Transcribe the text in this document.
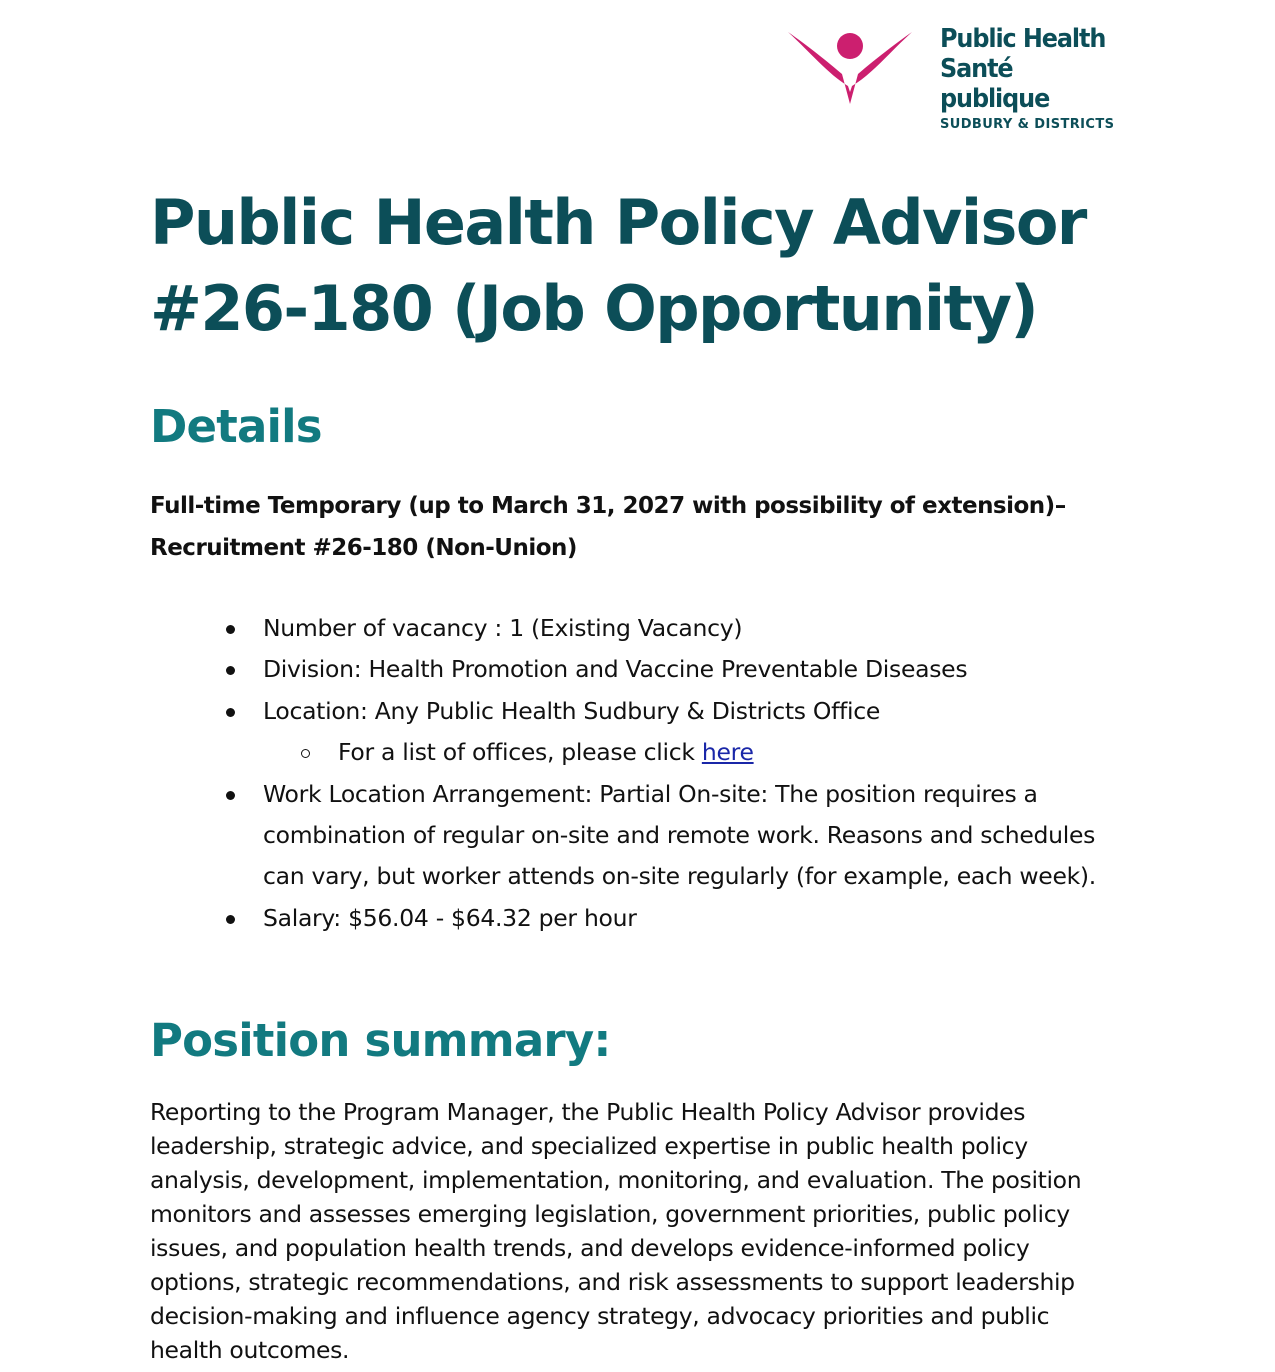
Public Health
Santé publique
SUDBURY & DISTRICTS
Public Health Policy Advisor
#26-180 (Job Opportunity)
Details

Full-time Temporary (up to March 31, 2027 with possibility of extension)–
Recruitment #26-180 (Non-Union)

Number of vacancy : 1 (Existing Vacancy)
Division: Health Promotion and Vaccine Preventable Diseases
Location: Any Public Health Sudbury & Districts Office
For a list of offices, please click here
Work Location Arrangement: Partial On-site: The position requires a
combination of regular on-site and remote work. Reasons and schedules
can vary, but worker attends on-site regularly (for example, each week).
Salary: $56.04 - $64.32 per hour
Position summary:

Reporting to the Program Manager, the Public Health Policy Advisor provides
leadership, strategic advice, and specialized expertise in public health policy
analysis, development, implementation, monitoring, and evaluation. The position
monitors and assesses emerging legislation, government priorities, public policy
issues, and population health trends, and develops evidence-informed policy
options, strategic recommendations, and risk assessments to support leadership
decision-making and influence agency strategy, advocacy priorities and public
health outcomes.
